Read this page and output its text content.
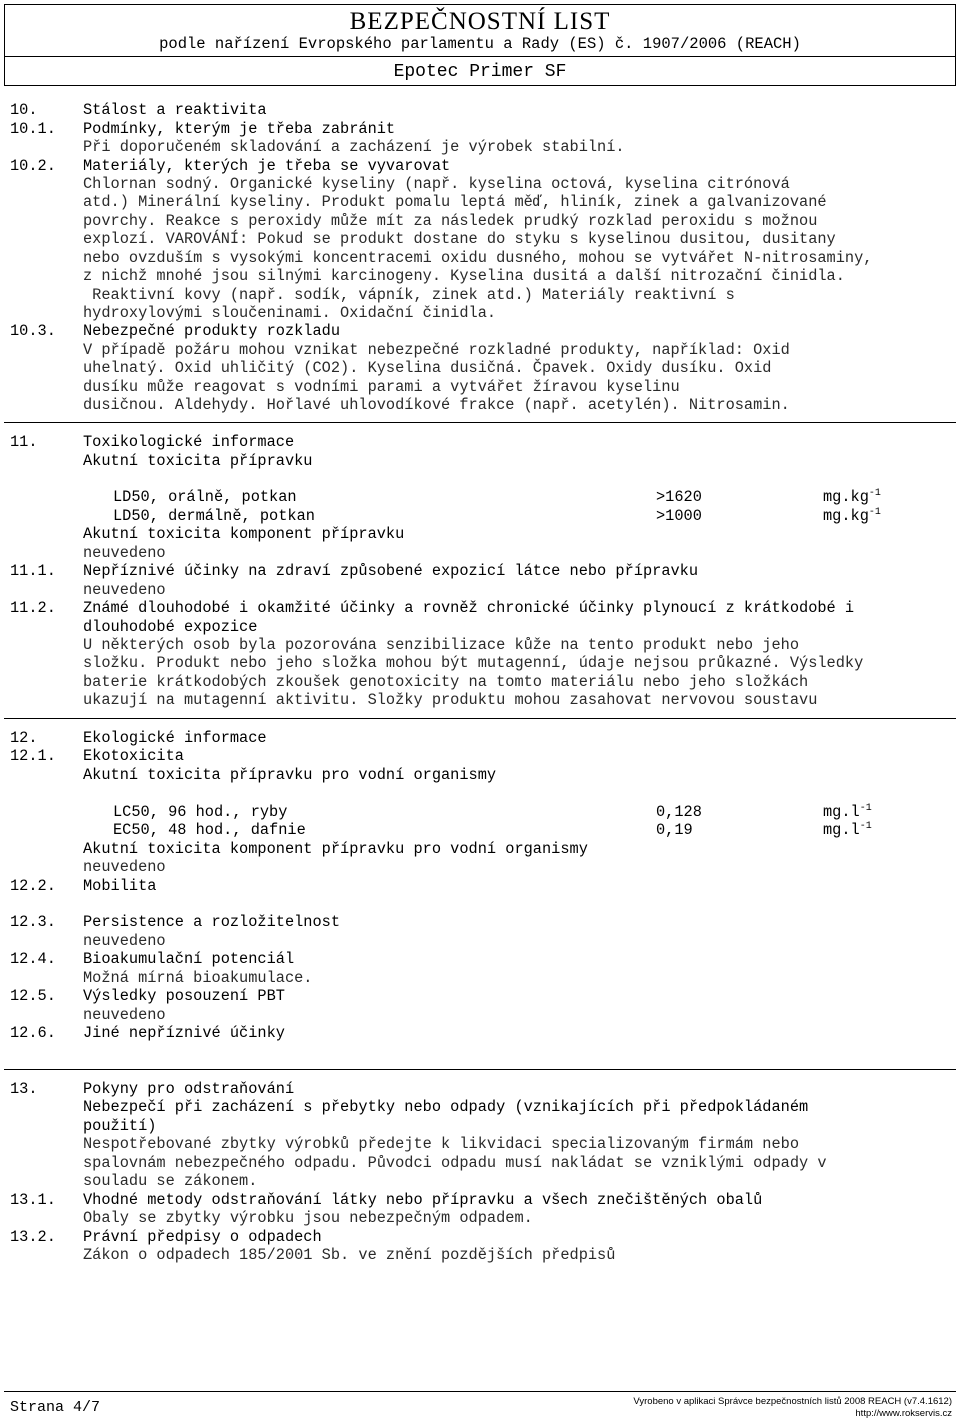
BEZPEČNOSTNÍ LIST
podle nařízení Evropského parlamentu a Rady (ES) č. 1907/2006 (REACH)
Epotec Primer SF
10.	Stálost a reaktivita
10.1. Podmínky, kterým je třeba zabránit
Při doporučeném skladování a zacházení je výrobek stabilní.
10.2. Materiály, kterých je třeba se vyvarovat
Chlornan sodný. Organické kyseliny (např. kyselina octová, kyselina citrónová
atd.) Minerální kyseliny. Produkt pomalu leptá měď, hliník, zinek a galvanizované
povrchy. Reakce s peroxidy může mít za následek prudký rozklad peroxidu s možnou
explozí. VAROVÁNÍ: Pokud se produkt dostane do styku s kyselinou dusitou, dusitany
nebo ovzduším s vysokými koncentracemi oxidu dusného, mohou se vytvářet N-nitrosaminy,
z nichž mnohé jsou silnými karcinogeny. Kyselina dusitá a další nitrozační činidla.
Reaktivní kovy (např. sodík, vápník, zinek atd.) Materiály reaktivní s
hydroxylovými sloučeninami. Oxidační činidla.
10.3. Nebezpečné produkty rozkladu
V případě požáru mohou vznikat nebezpečné rozkladné produkty, například: Oxid
uhelnatý. Oxid uhličitý (CO2). Kyselina dusičná. Čpavek. Oxidy dusíku. Oxid
dusíku může reagovat s vodními parami a vytvářet žíravou kyselinu
dusičnou. Aldehydy. Hořlavé uhlovodíkové frakce (např. acetylén). Nitrosamin.
11.	Toxikologické informace
Akutní toxicita přípravku
LD50, orálně, potkan	>1620	$mg.kg^{-1}$
LD50, dermálně, potkan	>1000	$mg.kg^{-1}$
Akutní toxicita komponent přípravku
neuvedeno
11.1. Nepříznivé účinky na zdraví způsobené expozicí látce nebo přípravku
neuvedeno
11.2. Známé dlouhodobé i okamžité účinky a rovněž chronické účinky plynoucí z krátkodobé i
dlouhodobé expozice
U některých osob byla pozorována senzibilizace kůže na tento produkt nebo jeho
složku. Produkt nebo jeho složka mohou být mutagenní, údaje nejsou průkazné. Výsledky
baterie krátkodobých zkoušek genotoxicity na tomto materiálu nebo jeho složkách
ukazují na mutagenní aktivitu. Složky produktu mohou zasahovat nervovou soustavu
12.	Ekologické informace
12.1. Ekotoxicita
Akutní toxicita přípravku pro vodní organismy
LC50, 96 hod., ryby	0,128	$mg.l^{-1}$
EC50, 48 hod., dafnie	0,19	$mg.l^{-1}$
Akutní toxicita komponent přípravku pro vodní organismy
neuvedeno
12.2. Mobilita
12.3. Persistence a rozložitelnost
neuvedeno
12.4. Bioakumulační potenciál
Možná mírná bioakumulace.
12.5. Výsledky posouzení PBT
neuvedeno
12.6. Jiné nepříznivé účinky
13.	Pokyny pro odstraňování
Nebezpečí při zacházení s přebytky nebo odpady (vznikajících při předpokládaném
použití)
Nespotřebované zbytky výrobků předejte k likvidaci specializovaným firmám nebo
spalovnám nebezpečného odpadu. Původci odpadu musí nakládat se vzniklými odpady v
souladu se zákonem.
13.1. Vhodné metody odstraňování látky nebo přípravku a všech znečištěných obalů
Obaly se zbytky výrobku jsou nebezpečným odpadem.
13.2. Právní předpisy o odpadech
Zákon o odpadech 185/2001 Sb. ve znění pozdějších předpisů
Strana 4/7	Vyrobeno v aplikaci Správce bezpečnostních listů 2008 REACH (v7.4.1612)
http://www.rokservis.cz
